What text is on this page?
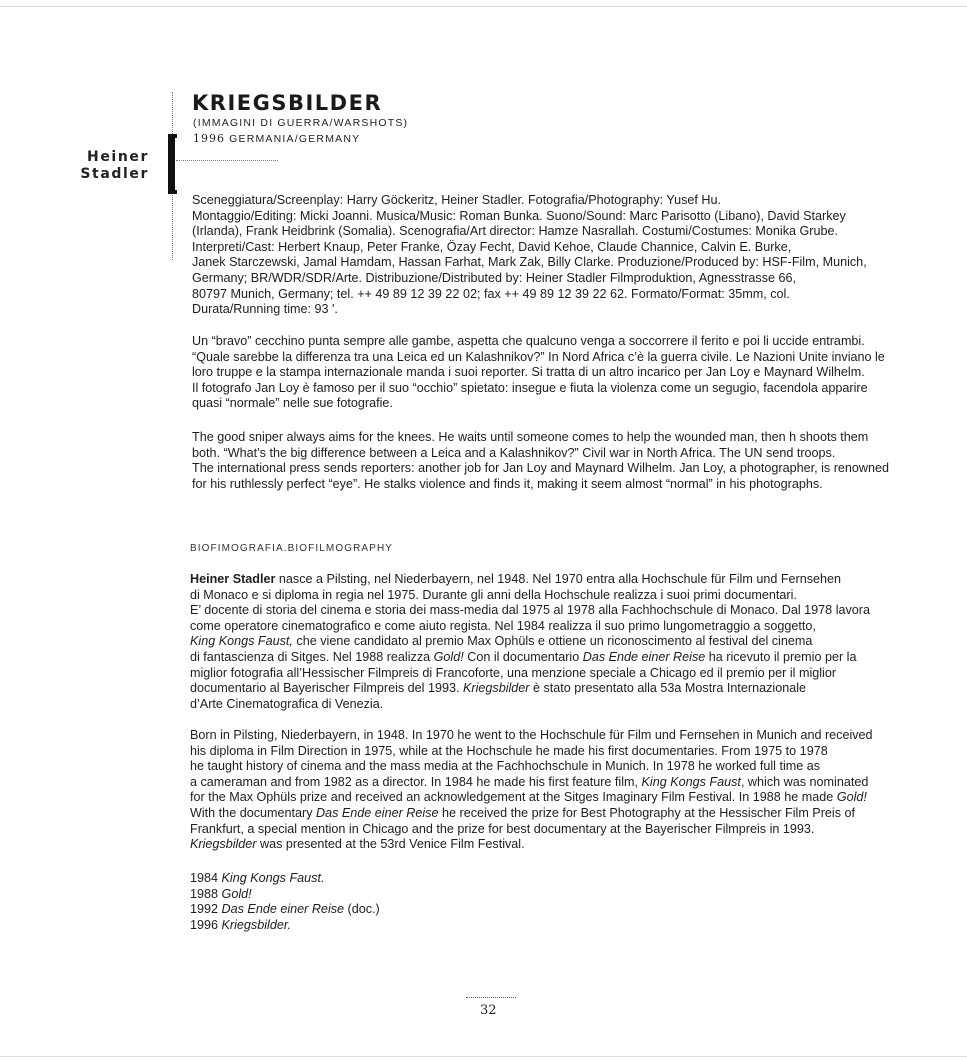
Heiner
Stadler
KRIEGSBILDER
(IMMAGINI DI GUERRA/WARSHOTS)
1996 GERMANIA/GERMANY
Sceneggiatura/Screenplay: Harry Göckeritz, Heiner Stadler. Fotografia/Photography: Yusef Hu.
Montaggio/Editing: Micki Joanni. Musica/Music: Roman Bunka. Suono/Sound: Marc Parisotto (Libano), David Starkey
(Irlanda), Frank Heidbrink (Somalia). Scenografia/Art director: Hamze Nasrallah. Costumi/Costumes: Monika Grube.
Interpreti/Cast: Herbert Knaup, Peter Franke, Özay Fecht, David Kehoe, Claude Channice, Calvin E. Burke,
Janek Starczewski, Jamal Hamdam, Hassan Farhat, Mark Zak, Billy Clarke. Produzione/Produced by: HSF-Film, Munich,
Germany; BR/WDR/SDR/Arte. Distribuzione/Distributed by: Heiner Stadler Filmproduktion, Agnesstrasse 66,
80797 Munich, Germany; tel. ++ 49 89 12 39 22 02; fax ++ 49 89 12 39 22 62. Formato/Format: 35mm, col.
Durata/Running time: 93 '.
Un “bravo” cecchino punta sempre alle gambe, aspetta che qualcuno venga a soccorrere il ferito e poi li uccide entrambi.
“Quale sarebbe la differenza tra una Leica ed un Kalashnikov?” In Nord Africa c’è la guerra civile. Le Nazioni Unite inviano le
loro truppe e la stampa internazionale manda i suoi reporter. Si tratta di un altro incarico per Jan Loy e Maynard Wilhelm.
Il fotografo Jan Loy è famoso per il suo “occhio” spietato: insegue e fiuta la violenza come un segugio, facendola apparire
quasi “normale” nelle sue fotografie.
The good sniper always aims for the knees. He waits until someone comes to help the wounded man, then h shoots them
both. “What’s the big difference between a Leica and a Kalashnikov?” Civil war in North Africa. The UN send troops.
The international press sends reporters: another job for Jan Loy and Maynard Wilhelm. Jan Loy, a photographer, is renowned
for his ruthlessly perfect “eye”. He stalks violence and finds it, making it seem almost “normal” in his photographs.
BIOFIMOGRAFIA.BIOFILMOGRAPHY
Heiner Stadler nasce a Pilsting, nel Niederbayern, nel 1948. Nel 1970 entra alla Hochschule für Film und Fernsehen
di Monaco e si diploma in regia nel 1975. Durante gli anni della Hochschule realizza i suoi primi documentari.
E’ docente di storia del cinema e storia dei mass-media dal 1975 al 1978 alla Fachhochschule di Monaco. Dal 1978 lavora
come operatore cinematografico e come aiuto regista. Nel 1984 realizza il suo primo lungometraggio a soggetto,
King Kongs Faust, che viene candidato al premio Max Ophüls e ottiene un riconoscimento al festival del cinema
di fantascienza di Sitges. Nel 1988 realizza Gold! Con il documentario Das Ende einer Reise ha ricevuto il premio per la
miglior fotografia all’Hessischer Filmpreis di Francoforte, una menzione speciale a Chicago ed il premio per il miglior
documentario al Bayerischer Filmpreis del 1993. Kriegsbilder è stato presentato alla 53a Mostra Internazionale
d’Arte Cinematografica di Venezia.
Born in Pilsting, Niederbayern, in 1948. In 1970 he went to the Hochschule für Film und Fernsehen in Munich and received
his diploma in Film Direction in 1975, while at the Hochschule he made his first documentaries. From 1975 to 1978
he taught history of cinema and the mass media at the Fachhochschule in Munich. In 1978 he worked full time as
a cameraman and from 1982 as a director. In 1984 he made his first feature film, King Kongs Faust, which was nominated
for the Max Ophüls prize and received an acknowledgement at the Sitges Imaginary Film Festival. In 1988 he made Gold!
With the documentary Das Ende einer Reise he received the prize for Best Photography at the Hessischer Film Preis of
Frankfurt, a special mention in Chicago and the prize for best documentary at the Bayerischer Filmpreis in 1993.
Kriegsbilder was presented at the 53rd Venice Film Festival.
1984 King Kongs Faust.
1988 Gold!
1992 Das Ende einer Reise (doc.)
1996 Kriegsbilder.
32
